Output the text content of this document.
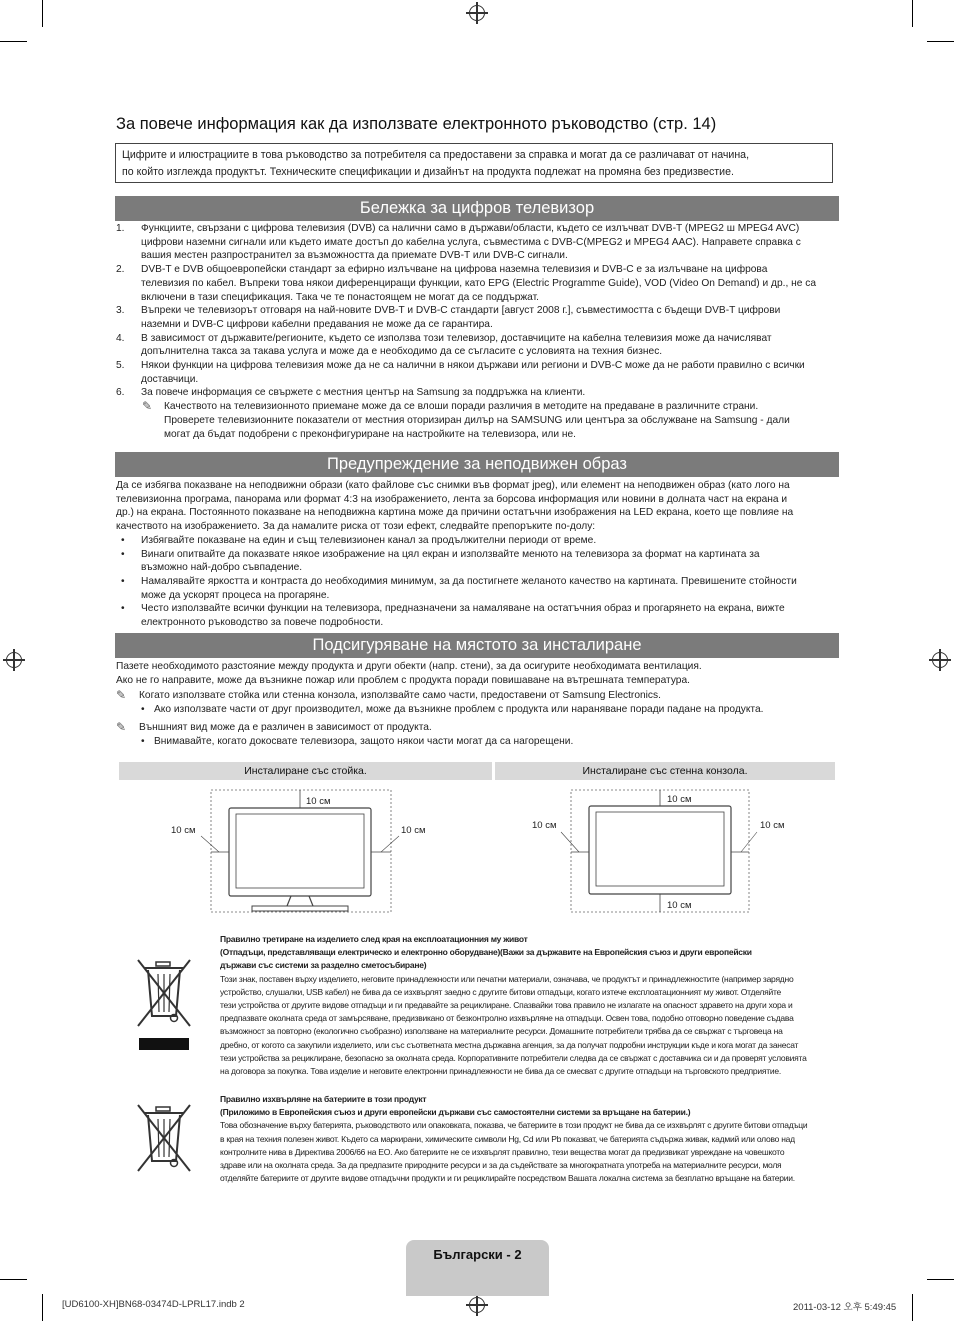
За повече информация как да използвате електронното ръководство (стр. 14)
Цифрите и илюстрациите в това ръководство за потребителя са предоставени за справка и могат да се различават от начина,
по който изглежда продуктът. Техническите спецификации и дизайнът на продукта подлежат на промяна без предизвестие.
Бележка за цифров телевизор
1. Функциите, свързани с цифрова телевизия (DVB) са налични само в държави/области, където се излъчват DVB-T (MPEG2 ш MPEG4 AVC)
цифрови наземни сигнали или където имате достъп до кабелна услуга, съвместима с DVB-C(MPEG2 и MPEG4 AAC). Направете справка с
вашия местен разпространител за възможността да приемате DVB-T или DVB-C сигнали.
2. DVB-T е DVB общоевропейски стандарт за ефирно излъчване на цифрова наземна телевизия и DVB-C е за излъчване на цифрова
телевизия по кабел. Въпреки това някои диференциращи функции, като EPG (Electric Programme Guide), VOD (Video On Demand) и др., не са
включени в тази спецификация. Така че те понастоящем не могат да се поддържат.
3. Въпреки че телевизорът отговаря на най-новите DVB-T и DVB-C стандарти [август 2008 г.], съвместимостта с бъдещи DVB-T цифрови
наземни и DVB-C цифрови кабелни предавания не може да се гарантира.
4. В зависимост от държавите/регионите, където се използва този телевизор, доставчиците на кабелна телевизия може да начисляват
допълнителна такса за такава услуга и може да е необходимо да се съгласите с условията на техния бизнес.
5. Някои функции на цифрова телевизия може да не са налични в някои държави или региони и DVB-C може да не работи правилно с всички
доставчици.
6. За повече информация се свържете с местния център на Samsung за поддръжка на клиенти.
✎	Качеството на телевизионното приемане може да се влоши поради различия в методите на предаване в различните страни.
Проверете телевизионните показатели от местния оторизиран дилър на SAMSUNG или центъра за обслужване на Samsung - дали
могат да бъдат подобрени с преконфигуриране на настройките на телевизора, или не.
Предупреждение за неподвижен образ
Да се избягва показване на неподвижни образи (като файлове със снимки във формат jpeg), или елемент на неподвижен образ (като лого на
телевизионна програма, панорама или формат 4:3 на изображението, лента за борсова информация или новини в долната част на екрана и
др.) на екрана. Постоянното показване на неподвижна картина може да причини остатъчни изображения на LED екрана, което ще повлияе на
качеството на изображението. За да намалите риска от този ефект, следвайте препоръките по-долу:
• Избягвайте показване на един и същ телевизионен канал за продължителни периоди от време.
• Винаги опитвайте да показвате някое изображение на цял екран и използвайте менюто на телевизора за формат на картината за
възможно най-добро съвпадение.
• Намалявайте яркостта и контраста до необходимия минимум, за да постигнете желаното качество на картината. Превишените стойности
може да ускорят процеса на прогаряне.
• Често използвайте всички функции на телевизора, предназначени за намаляване на остатъчния образ и прогарянето на екрана, вижте
електронното ръководство за повече подробности.
Подсигуряване на мястото за инсталиране
Пазете необходимото разстояние между продукта и други обекти (напр. стени), за да осигурите необходимата вентилация.
Ако не го направите, може да възникне пожар или проблем с продукта поради повишаване на вътрешната температура.
✎	Когато използвате стойка или стенна конзола, използвайте само части, предоставени от Samsung Electronics.
• Ако използвате части от друг производител, може да възникне проблем с продукта или нараняване поради падане на продукта.
✎	Външният вид може да е различен в зависимост от продукта.
• Внимавайте, когато докосвате телевизора, защото някои части могат да са нагорещени.
Инсталиране със стойка.	Инсталиране със стенна конзола.
10 см
10 см	10 см
10 см
10 см	10 см
10 см
Правилно третиране на изделието след края на експлоатационния му живот
(Отпадъци, представляващи електрическо и електронно оборудване)(Важи за държавите на Европейския съюз и други европейски
държави със системи за разделно сметосъбиране)
Този знак, поставен върху изделието, неговите принадлежности или печатни материали, означава, че продуктът и принадлежностите (например зарядно
устройство, слушалки, USB кабел) не бива да се изхвърлят заедно с другите битови отпадъци, когато изтече експлоатационният му живот. Отделяйте
тези устройства от другите видове отпадъци и ги предавайте за рециклиране. Спазвайки това правило не излагате на опасност здравето на други хора и
предпазвате околната среда от замърсяване, предизвикано от безконтролно изхвърляне на отпадъци. Освен това, подобно отговорно поведение съдава
възможност за повторно (екологично съобразно) използване на материалните ресурси. Домашните потребители трябва да се свържат с търговеца на
дребно, от когото са закупили изделието, или със съответната местна държавна агенция, за да получат подробни инструкции къде и кога могат да занесат
тези устройства за рециклиране, безопасно за околната среда. Корпоративните потребители следва да се свържат с доставчика си и да проверят условията
на договора за покупка. Това изделие и неговите електронни принадлежности не бива да се смесват с другите отпадъци на търговското предприятие.
Правилно изхвърляне на батериите в този продукт
(Приложимо в Европейския съюз и други европейски държави със самостоятелни системи за връщане на батерии.)
Това обозначение върху батерията, ръководството или опаковката, показва, че батериите в този продукт не бива да се изхвърлят с другите битови отпадъци
в края на техния полезен живот. Където са маркирани, химическите символи Hg, Cd или Pb показват, че батерията съдържа живак, кадмий или олово над
контролните нива в Директива 2006/66 на ЕО. Ако батериите не се изхвърлят правилно, тези вещества могат да предизвикат увреждане на човешкото
здраве или на околната среда. За да предпазите природните ресурси и за да съдействате за многократната употреба на материалните ресурси, моля
отделяйте батериите от другите видове отпадъчни продукти и ги рециклирайте посредством Вашата локална система за безплатно връщане на батерии.
Български - 2
[UD6100-XH]BN68-03474D-LPRL17.indb 2	2011-03-12 오후 5:49:45
